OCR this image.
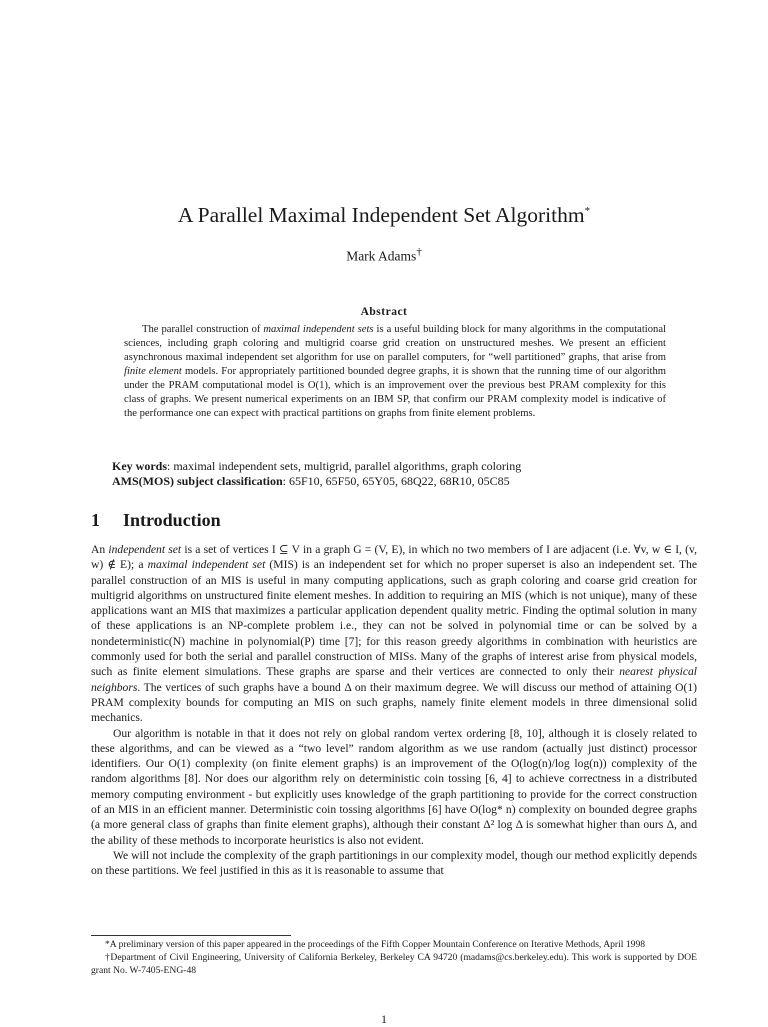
A Parallel Maximal Independent Set Algorithm*
Mark Adams†
Abstract

The parallel construction of maximal independent sets is a useful building block for many algorithms in the computational sciences, including graph coloring and multigrid coarse grid creation on unstructured meshes. We present an efficient asynchronous maximal independent set algorithm for use on parallel computers, for “well partitioned” graphs, that arise from finite element models. For appropriately partitioned bounded degree graphs, it is shown that the running time of our algorithm under the PRAM computational model is O(1), which is an improvement over the previous best PRAM complexity for this class of graphs. We present numerical experiments on an IBM SP, that confirm our PRAM complexity model is indicative of the performance one can expect with practical partitions on graphs from finite element problems.

Key words: maximal independent sets, multigrid, parallel algorithms, graph coloring
AMS(MOS) subject classification: 65F10, 65F50, 65Y05, 68Q22, 68R10, 05C85
1 Introduction

An independent set is a set of vertices I ⊆ V in a graph G = (V, E), in which no two members of I are adjacent (i.e. ∀v, w ∈ I, (v, w) ∉ E); a maximal independent set (MIS) is an independent set for which no proper superset is also an independent set. The parallel construction of an MIS is useful in many computing applications, such as graph coloring and coarse grid creation for multigrid algorithms on unstructured finite element meshes. In addition to requiring an MIS (which is not unique), many of these applications want an MIS that maximizes a particular application dependent quality metric. Finding the optimal solution in many of these applications is an NP-complete problem i.e., they can not be solved in polynomial time or can be solved by a nondeterministic(N) machine in polynomial(P) time [7]; for this reason greedy algorithms in combination with heuristics are commonly used for both the serial and parallel construction of MISs. Many of the graphs of interest arise from physical models, such as finite element simulations. These graphs are sparse and their vertices are connected to only their nearest physical neighbors. The vertices of such graphs have a bound Δ on their maximum degree. We will discuss our method of attaining O(1) PRAM complexity bounds for computing an MIS on such graphs, namely finite element models in three dimensional solid mechanics.

Our algorithm is notable in that it does not rely on global random vertex ordering [8, 10], although it is closely related to these algorithms, and can be viewed as a “two level” random algorithm as we use random (actually just distinct) processor identifiers. Our O(1) complexity (on finite element graphs) is an improvement of the O(log(n)/log log(n)) complexity of the random algorithms [8]. Nor does our algorithm rely on deterministic coin tossing [6, 4] to achieve correctness in a distributed memory computing environment - but explicitly uses knowledge of the graph partitioning to provide for the correct construction of an MIS in an efficient manner. Deterministic coin tossing algorithms [6] have O(log* n) complexity on bounded degree graphs (a more general class of graphs than finite element graphs), although their constant Δ² log Δ is somewhat higher than ours Δ, and the ability of these methods to incorporate heuristics is also not evident.

We will not include the complexity of the graph partitionings in our complexity model, though our method explicitly depends on these partitions. We feel justified in this as it is reasonable to assume that

*A preliminary version of this paper appeared in the proceedings of the Fifth Copper Mountain Conference on Iterative Methods, April 1998

†Department of Civil Engineering, University of California Berkeley, Berkeley CA 94720 (madams@cs.berkeley.edu). This work is supported by DOE grant No. W-7405-ENG-48

1
